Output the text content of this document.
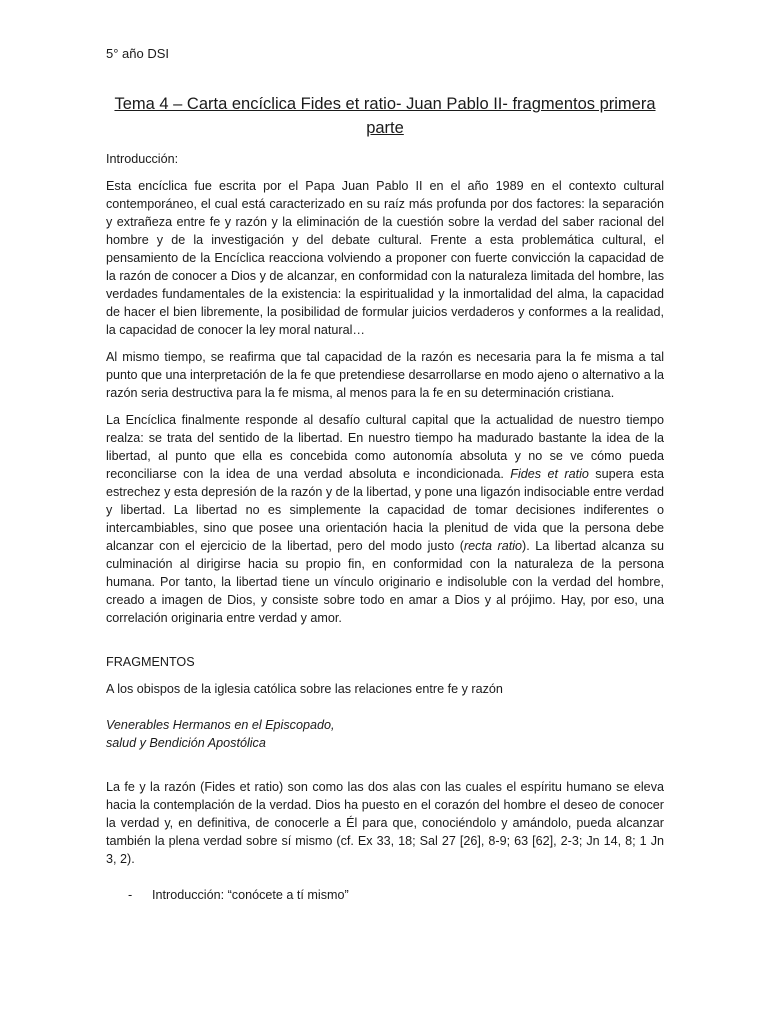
5° año DSI
Tema 4 – Carta encíclica Fides et ratio- Juan Pablo II- fragmentos primera parte

Introducción:

Esta encíclica fue escrita por el Papa Juan Pablo II en el año 1989 en el contexto cultural contemporáneo, el cual está caracterizado en su raíz más profunda por dos factores: la separación y extrañeza entre fe y razón y la eliminación de la cuestión sobre la verdad del saber racional del hombre y de la investigación y del debate cultural. Frente a esta problemática cultural, el pensamiento de la Encíclica reacciona volviendo a proponer con fuerte convicción la capacidad de la razón de conocer a Dios y de alcanzar, en conformidad con la naturaleza limitada del hombre, las verdades fundamentales de la existencia: la espiritualidad y la inmortalidad del alma, la capacidad de hacer el bien libremente, la posibilidad de formular juicios verdaderos y conformes a la realidad, la capacidad de conocer la ley moral natural…

Al mismo tiempo, se reafirma que tal capacidad de la razón es necesaria para la fe misma a tal punto que una interpretación de la fe que pretendiese desarrollarse en modo ajeno o alternativo a la razón seria destructiva para la fe misma, al menos para la fe en su determinación cristiana.

La Encíclica finalmente responde al desafío cultural capital que la actualidad de nuestro tiempo realza: se trata del sentido de la libertad. En nuestro tiempo ha madurado bastante la idea de la libertad, al punto que ella es concebida como autonomía absoluta y no se ve cómo pueda reconciliarse con la idea de una verdad absoluta e incondicionada. Fides et ratio supera esta estrechez y esta depresión de la razón y de la libertad, y pone una ligazón indisociable entre verdad y libertad. La libertad no es simplemente la capacidad de tomar decisiones indiferentes o intercambiables, sino que posee una orientación hacia la plenitud de vida que la persona debe alcanzar con el ejercicio de la libertad, pero del modo justo (recta ratio). La libertad alcanza su culminación al dirigirse hacia su propio fin, en conformidad con la naturaleza de la persona humana. Por tanto, la libertad tiene un vínculo originario e indisoluble con la verdad del hombre, creado a imagen de Dios, y consiste sobre todo en amar a Dios y al prójimo. Hay, por eso, una correlación originaria entre verdad y amor.

FRAGMENTOS

A los obispos de la iglesia católica sobre las relaciones entre fe y razón

Venerables Hermanos en el Episcopado,
salud y Bendición Apostólica

La fe y la razón (Fides et ratio) son como las dos alas con las cuales el espíritu humano se eleva hacia la contemplación de la verdad. Dios ha puesto en el corazón del hombre el deseo de conocer la verdad y, en definitiva, de conocerle a Él para que, conociéndolo y amándolo, pueda alcanzar también la plena verdad sobre sí mismo (cf. Ex 33, 18; Sal 27 [26], 8-9; 63 [62], 2-3; Jn 14, 8; 1 Jn 3, 2).

-	Introducción: “conócete a tí mismo”
